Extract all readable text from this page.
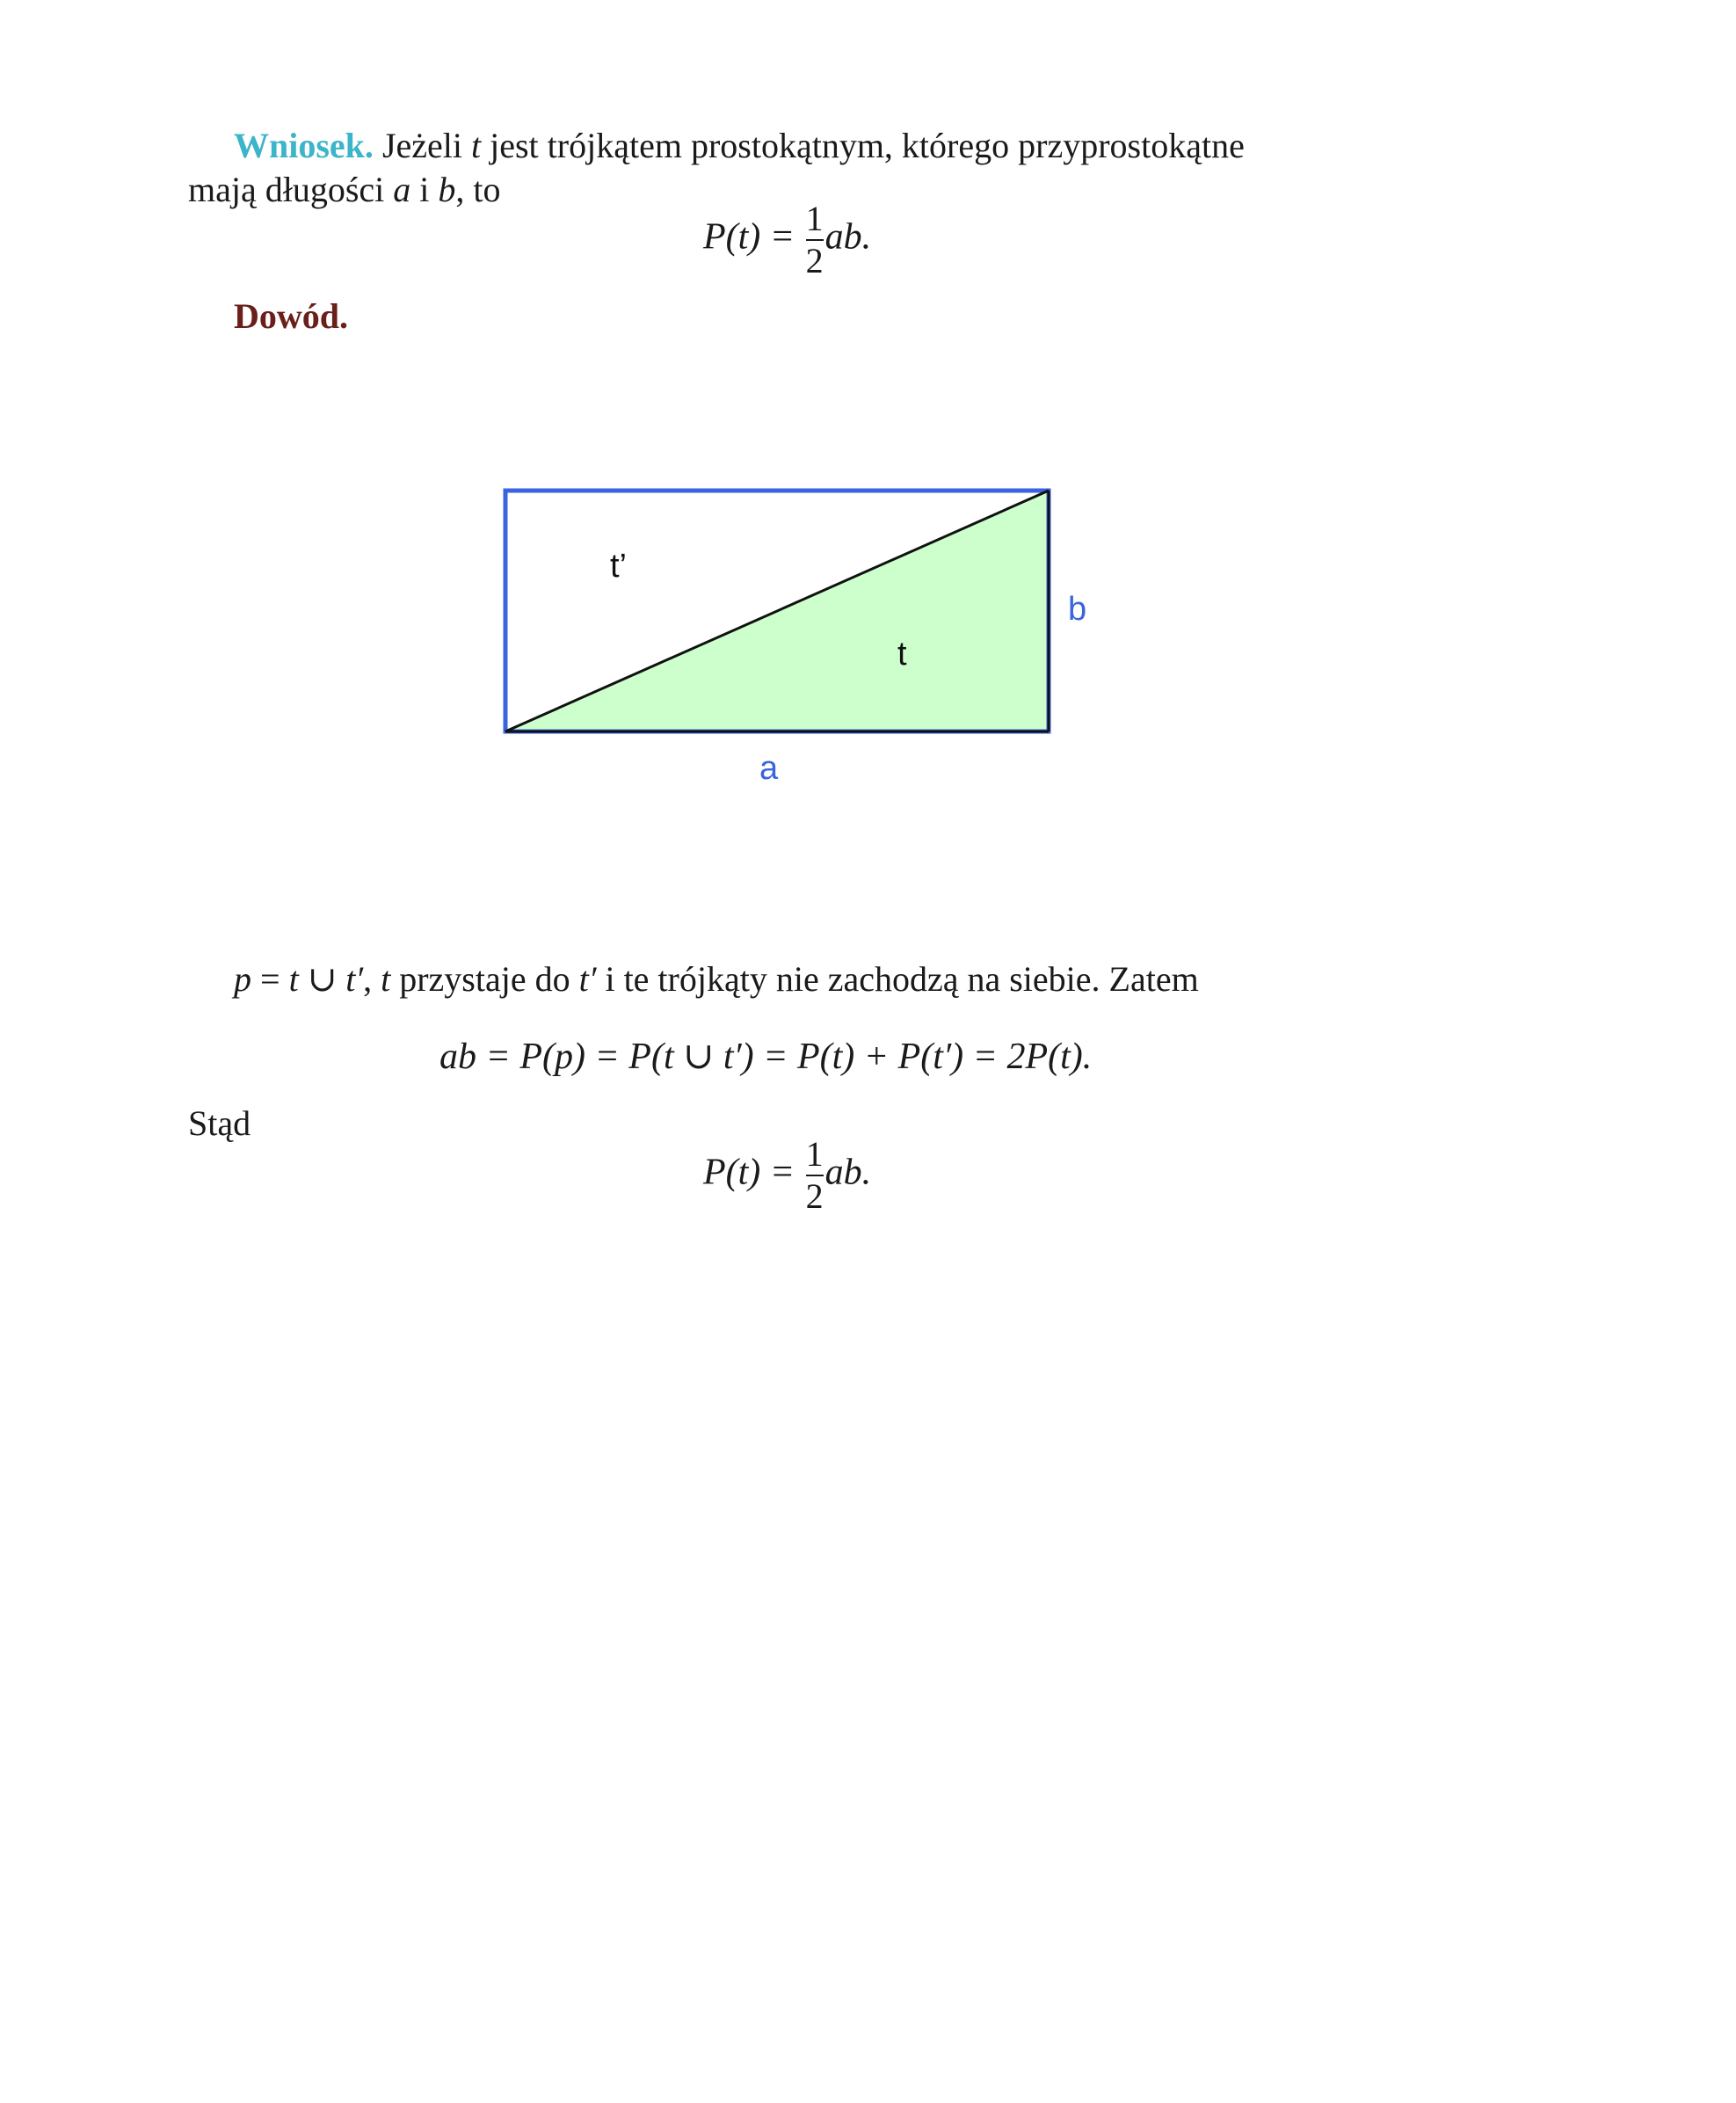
Wniosek. Jeżeli t jest trójkątem prostokątnym, którego przyprostokątne
mają długości a i b, to
$P(t) = \frac{1}{2}$ ab.
Dowód.
t’
t
a
b
p = t ∪ t′, t przystaje do t′ i te trójkąty nie zachodzą na siebie. Zatem
ab = P(p) = P(t ∪ t′) = P(t) + P(t′) = 2P(t).
Stąd
$P(t) = \frac{1}{2}$ ab.
